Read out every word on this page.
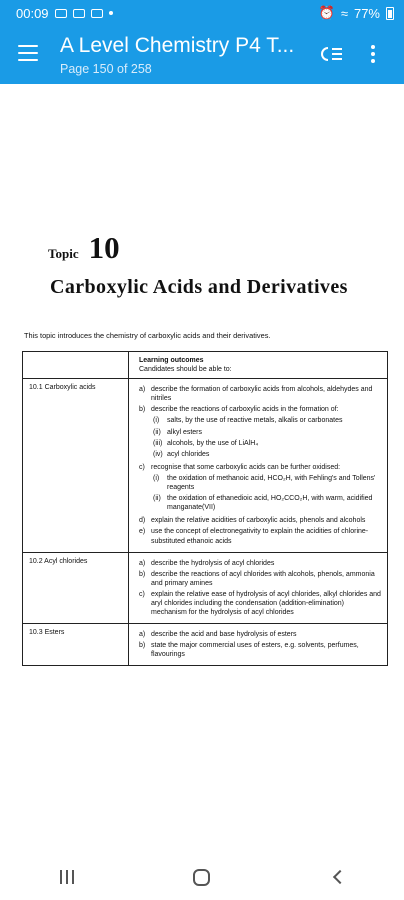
00:09	⏰ ≈ 77%
A Level Chemistry P4 T...
Page 150 of 258
Topic 10
Carboxylic Acids and Derivatives
This topic introduces the chemistry of carboxylic acids and their derivatives.
Learning outcomes
Candidates should be able to:
10.1 Carboxylic acids	a) describe the formation of carboxylic acids from alcohols, aldehydes and nitriles
b) describe the reactions of carboxylic acids in the formation of:
(i)	salts, by the use of reactive metals, alkalis or carbonates
(ii) alkyl esters
(iii) alcohols, by the use of LiAlH₄
(iv) acyl chlorides
c) recognise that some carboxylic acids can be further oxidised:
(i)	the oxidation of methanoic acid, HCO₂H, with Fehling's and Tollens' reagents
(ii) the oxidation of ethanedioic acid, HO₂CCO₂H, with warm, acidified manganate(VII)
d) explain the relative acidities of carboxylic acids, phenols and alcohols
e) use the concept of electronegativity to explain the acidities of chlorine-substituted ethanoic acids
10.2 Acyl chlorides	a) describe the hydrolysis of acyl chlorides
b) describe the reactions of acyl chlorides with alcohols, phenols, ammonia and primary amines
c) explain the relative ease of hydrolysis of acyl chlorides, alkyl chlorides and aryl chlorides including the condensation (addition-elimination) mechanism for the hydrolysis of acyl chlorides
10.3 Esters	a) describe the acid and base hydrolysis of esters
b) state the major commercial uses of esters, e.g. solvents, perfumes, flavourings
